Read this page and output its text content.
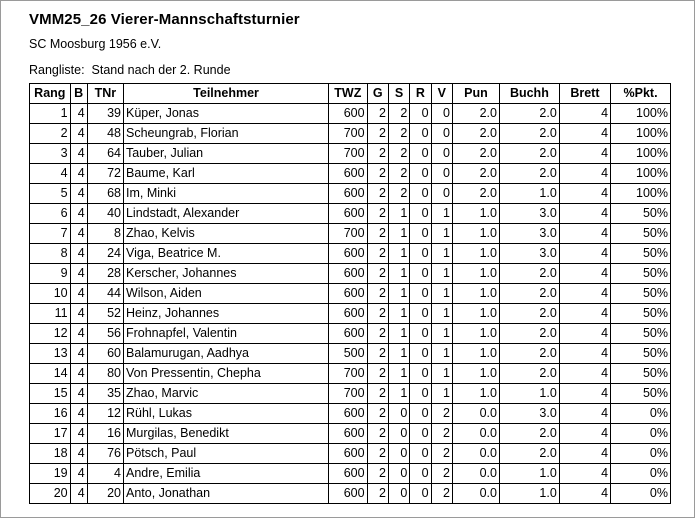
VMM25_26 Vierer-Mannschaftsturnier
SC Moosburg 1956 e.V.
Rangliste:  Stand nach der 2. Runde
Rang	B	TNr	Teilnehmer	TWZ	G	S	R	V	Pun	Buchh	Brett	%Pkt.
1	4	39	Küper, Jonas	600	2	2	0	0	2.0	2.0	4	100%
2	4	48	Scheungrab, Florian	700	2	2	0	0	2.0	2.0	4	100%
3	4	64	Tauber, Julian	700	2	2	0	0	2.0	2.0	4	100%
4	4	72	Baume, Karl	600	2	2	0	0	2.0	2.0	4	100%
5	4	68	Im, Minki	600	2	2	0	0	2.0	1.0	4	100%
6	4	40	Lindstadt, Alexander	600	2	1	0	1	1.0	3.0	4	50%
7	4	8	Zhao, Kelvis	700	2	1	0	1	1.0	3.0	4	50%
8	4	24	Viga, Beatrice M.	600	2	1	0	1	1.0	3.0	4	50%
9	4	28	Kerscher, Johannes	600	2	1	0	1	1.0	2.0	4	50%
10	4	44	Wilson, Aiden	600	2	1	0	1	1.0	2.0	4	50%
11	4	52	Heinz, Johannes	600	2	1	0	1	1.0	2.0	4	50%
12	4	56	Frohnapfel, Valentin	600	2	1	0	1	1.0	2.0	4	50%
13	4	60	Balamurugan, Aadhya	500	2	1	0	1	1.0	2.0	4	50%
14	4	80	Von Pressentin, Chepha	700	2	1	0	1	1.0	2.0	4	50%
15	4	35	Zhao, Marvic	700	2	1	0	1	1.0	1.0	4	50%
16	4	12	Rühl, Lukas	600	2	0	0	2	0.0	3.0	4	0%
17	4	16	Murgilas, Benedikt	600	2	0	0	2	0.0	2.0	4	0%
18	4	76	Pötsch, Paul	600	2	0	0	2	0.0	2.0	4	0%
19	4	4	Andre, Emilia	600	2	0	0	2	0.0	1.0	4	0%
20	4	20	Anto, Jonathan	600	2	0	0	2	0.0	1.0	4	0%
